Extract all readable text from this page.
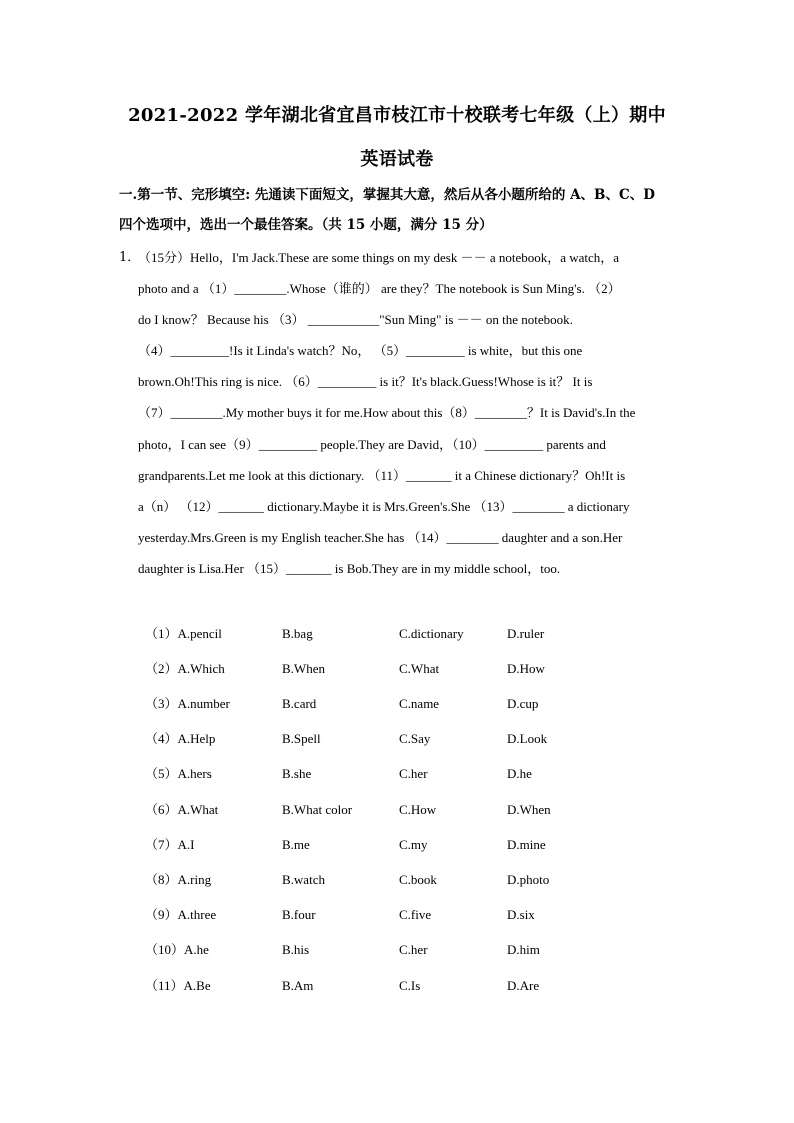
2021-2022 学年湖北省宜昌市枝江市十校联考七年级（上）期中
英语试卷
一.第一节、完形填空: 先通读下面短文，掌握其大意，然后从各小题所给的 A、B、C、D
四个选项中，选出一个最佳答案。（共 15 小题，满分 15 分）
1．
（15分）Hello，I'm Jack.These are some things on my desk －－ a notebook，a watch，a
photo and a （1）________.Whose（谁的） are they？The notebook is Sun Ming's. （2）
do I know？ Because his （3） ___________"Sun Ming" is －－ on the notebook.
（4）_________!Is it Linda's watch？No， （5）_________ is white，but this one
brown.Oh!This ring is nice. （6）_________ is it？It's black.Guess!Whose is it？ It is
（7）________.My mother buys it for me.How about this（8）________？It is David's.In the
photo，I can see（9）_________ people.They are David，（10）_________ parents and
grandparents.Let me look at this dictionary. （11）_______ it a Chinese dictionary？Oh!It is
a（n） （12）_______ dictionary.Maybe it is Mrs.Green's.She （13）________ a dictionary
yesterday.Mrs.Green is my English teacher.She has （14）________ daughter and a son.Her
daughter is Lisa.Her （15）_______ is Bob.They are in my middle school，too.
（1）A.pencil	B.bag	C.dictionary	D.ruler
（2）A.Which	B.When	C.What	D.How
（3）A.number	B.card	C.name	D.cup
（4）A.Help	B.Spell	C.Say	D.Look
（5）A.hers	B.she	C.her	D.he
（6）A.What	B.What color	C.How	D.When
（7）A.I	B.me	C.my	D.mine
（8）A.ring	B.watch	C.book	D.photo
（9）A.three	B.four	C.five	D.six
（10）A.he	B.his	C.her	D.him
（11）A.Be	B.Am	C.Is	D.Are
